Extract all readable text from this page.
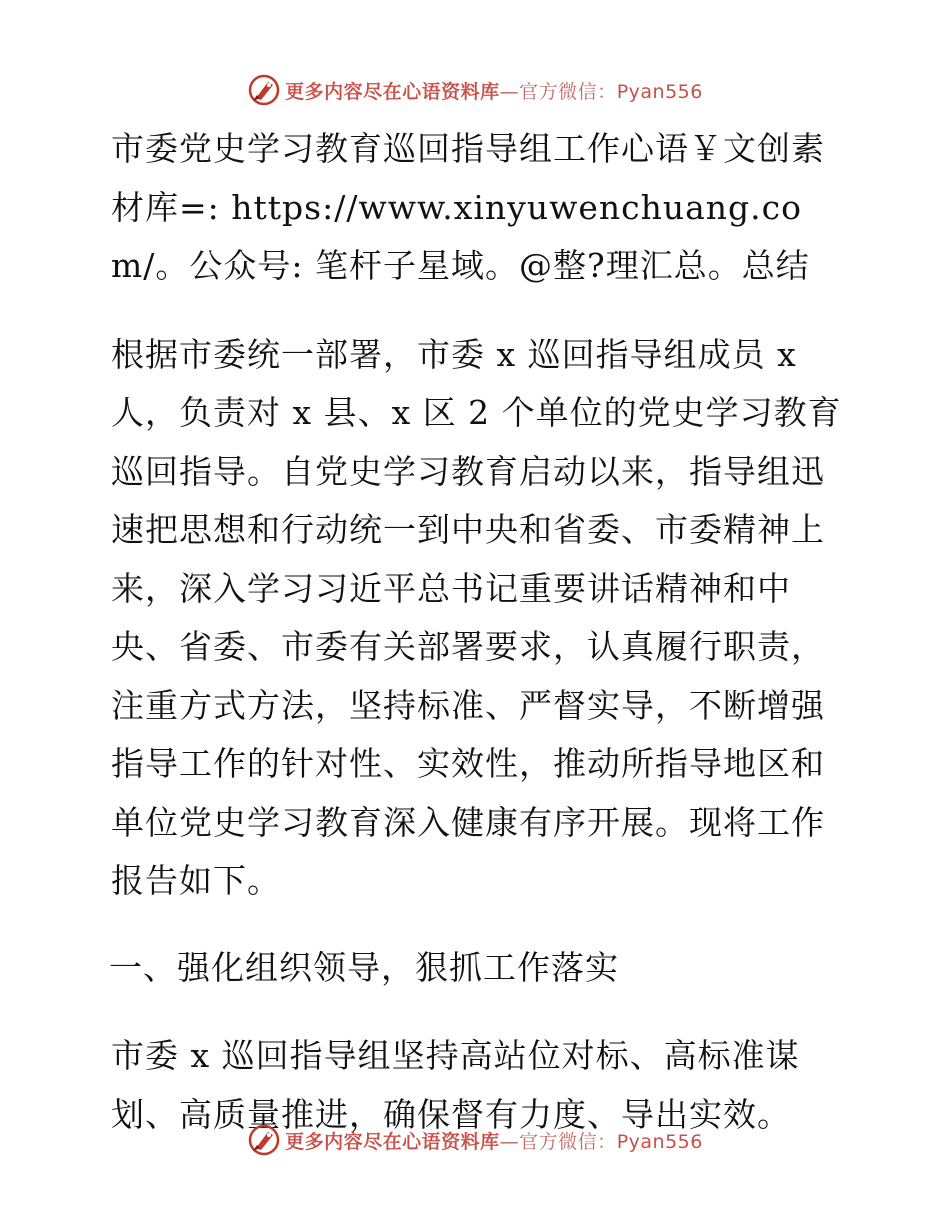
更多内容尽在心语资料库—官方微信：Pyan556

市委党史学习教育巡回指导组工作心语￥文创素材库=: https://www.xinyuwenchuang.com/。公众号: 笔杆子星域。@整?理汇总。总结

根据市委统一部署，市委 x 巡回指导组成员 x 人，负责对 x 县、x 区 2 个单位的党史学习教育巡回指导。自党史学习教育启动以来，指导组迅速把思想和行动统一到中央和省委、市委精神上来，深入学习习近平总书记重要讲话精神和中央、省委、市委有关部署要求，认真履行职责，注重方式方法，坚持标准、严督实导，不断增强指导工作的针对性、实效性，推动所指导地区和单位党史学习教育深入健康有序开展。现将工作报告如下。

一、强化组织领导，狠抓工作落实

市委 x 巡回指导组坚持高站位对标、高标准谋划、高质量推进，确保督有力度、导出实效。

更多内容尽在心语资料库—官方微信：Pyan556
